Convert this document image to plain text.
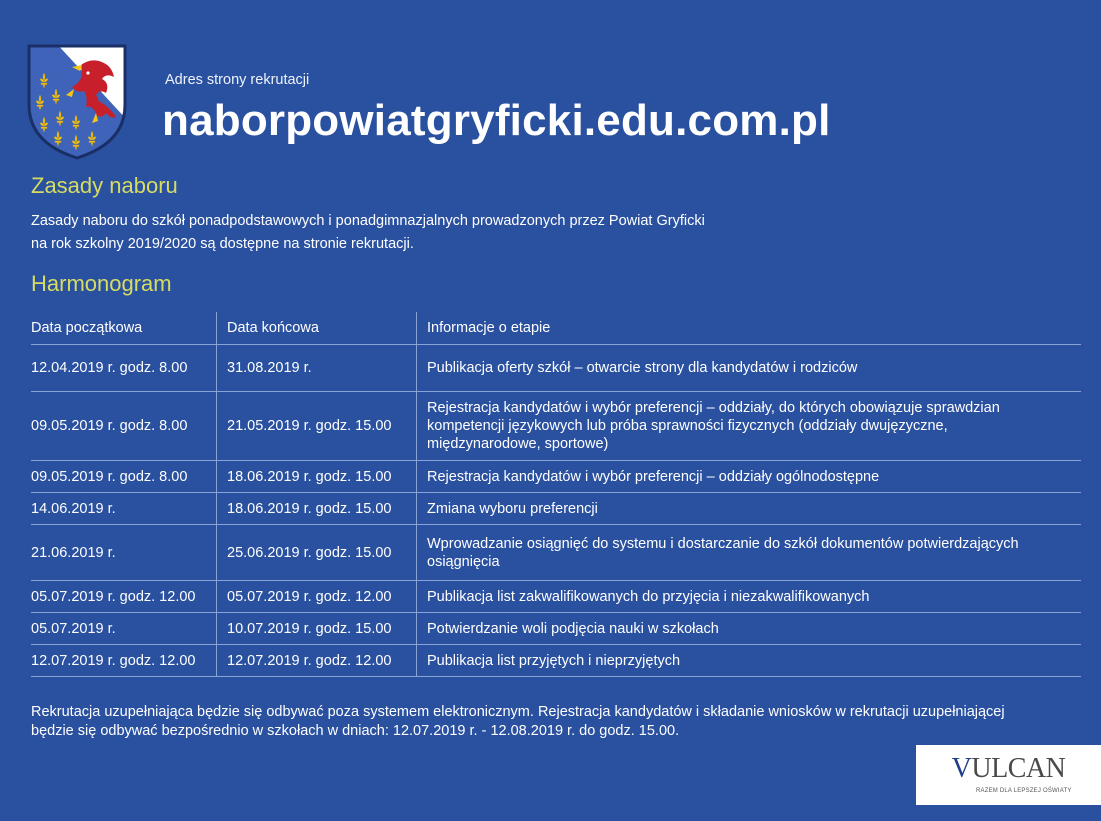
Adres strony rekrutacji
naborpowiatgryficki.edu.com.pl
Zasady naboru
Zasady naboru do szkół ponadpodstawowych i ponadgimnazjalnych prowadzonych przez Powiat Gryficki
na rok szkolny 2019/2020 są dostępne na stronie rekrutacji.
Harmonogram
Data początkowa	Data końcowa	Informacje o etapie
12.04.2019 r. godz. 8.00	31.08.2019 r.	Publikacja oferty szkół – otwarcie strony dla kandydatów i rodziców
09.05.2019 r. godz. 8.00	21.05.2019 r. godz. 15.00	Rejestracja kandydatów i wybór preferencji – oddziały, do których obowiązuje sprawdzian kompetencji językowych lub próba sprawności fizycznych (oddziały dwujęzyczne, międzynarodowe, sportowe)
09.05.2019 r. godz. 8.00	18.06.2019 r. godz. 15.00	Rejestracja kandydatów i wybór preferencji – oddziały ogólnodostępne
14.06.2019 r.	18.06.2019 r. godz. 15.00	Zmiana wyboru preferencji
21.06.2019 r.	25.06.2019 r. godz. 15.00	Wprowadzanie osiągnięć do systemu i dostarczanie do szkół dokumentów potwierdzających osiągnięcia
05.07.2019 r. godz. 12.00	05.07.2019 r. godz. 12.00	Publikacja list zakwalifikowanych do przyjęcia i niezakwalifikowanych
05.07.2019 r.	10.07.2019 r. godz. 15.00	Potwierdzanie woli podjęcia nauki w szkołach
12.07.2019 r. godz. 12.00	12.07.2019 r. godz. 12.00	Publikacja list przyjętych i nieprzyjętych
Rekrutacja uzupełniająca będzie się odbywać poza systemem elektronicznym. Rejestracja kandydatów i składanie wniosków w rekrutacji uzupełniającej
będzie się odbywać bezpośrednio w szkołach w dniach: 12.07.2019 r. - 12.08.2019 r. do godz. 15.00.
VULCAN
RAZEM DLA LEPSZEJ OŚWIATY
